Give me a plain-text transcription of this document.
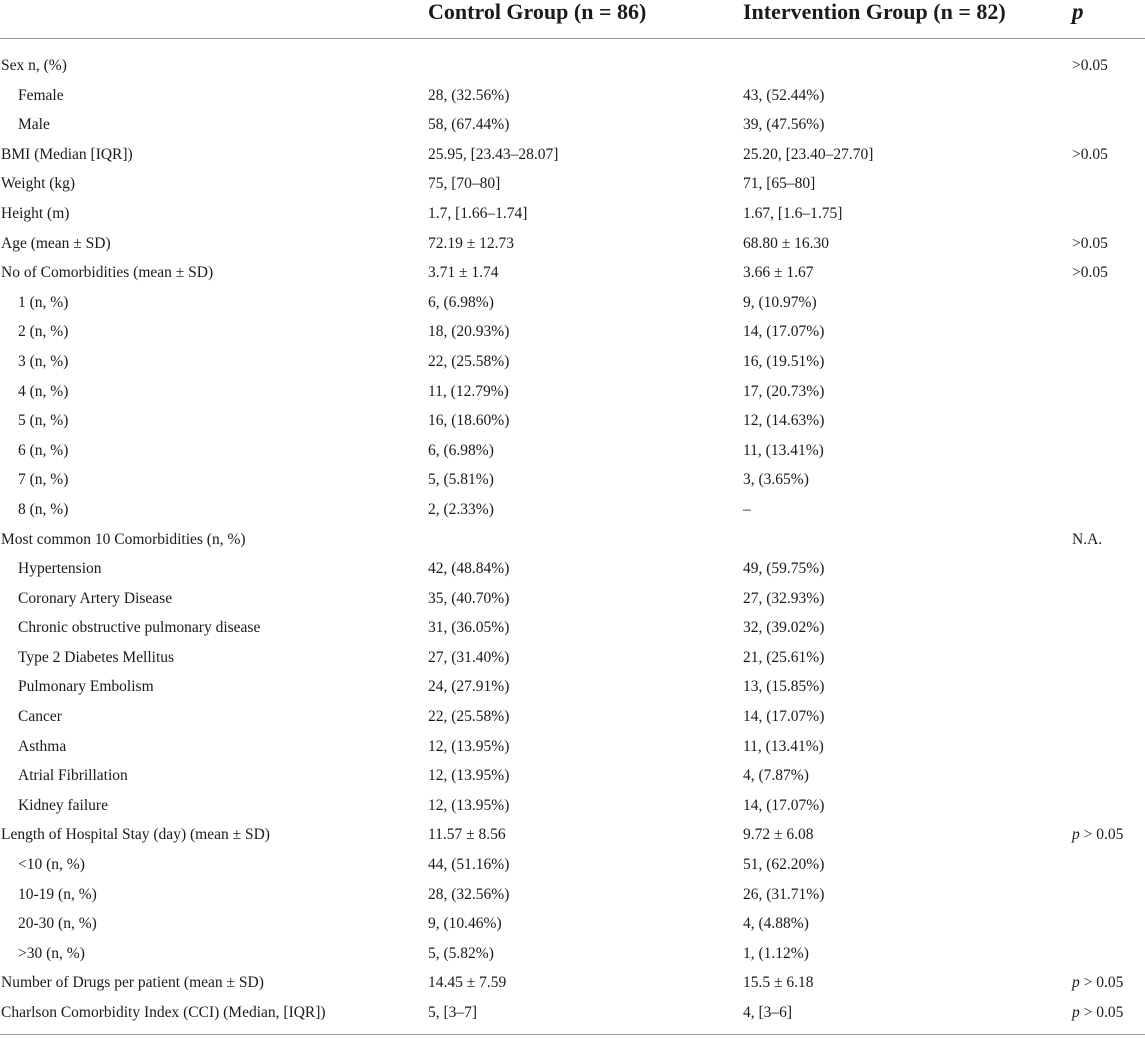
	Control Group (n = 86)	Intervention Group (n = 82)	p
Sex n, (%)			>0.05
Female	28, (32.56%)	43, (52.44%)	
Male	58, (67.44%)	39, (47.56%)	
BMI (Median [IQR])	25.95, [23.43–28.07]	25.20, [23.40–27.70]	>0.05
Weight (kg)	75, [70–80]	71, [65–80]	
Height (m)	1.7, [1.66–1.74]	1.67, [1.6–1.75]	
Age (mean ± SD)	72.19 ± 12.73	68.80 ± 16.30	>0.05
No of Comorbidities (mean ± SD)	3.71 ± 1.74	3.66 ± 1.67	>0.05
1 (n, %)	6, (6.98%)	9, (10.97%)	
2 (n, %)	18, (20.93%)	14, (17.07%)	
3 (n, %)	22, (25.58%)	16, (19.51%)	
4 (n, %)	11, (12.79%)	17, (20.73%)	
5 (n, %)	16, (18.60%)	12, (14.63%)	
6 (n, %)	6, (6.98%)	11, (13.41%)	
7 (n, %)	5, (5.81%)	3, (3.65%)	
8 (n, %)	2, (2.33%)	–	
Most common 10 Comorbidities (n, %)			N.A.
Hypertension	42, (48.84%)	49, (59.75%)	
Coronary Artery Disease	35, (40.70%)	27, (32.93%)	
Chronic obstructive pulmonary disease	31, (36.05%)	32, (39.02%)	
Type 2 Diabetes Mellitus	27, (31.40%)	21, (25.61%)	
Pulmonary Embolism	24, (27.91%)	13, (15.85%)	
Cancer	22, (25.58%)	14, (17.07%)	
Asthma	12, (13.95%)	11, (13.41%)	
Atrial Fibrillation	12, (13.95%)	4, (7.87%)	
Kidney failure	12, (13.95%)	14, (17.07%)	
Length of Hospital Stay (day) (mean ± SD)	11.57 ± 8.56	9.72 ± 6.08	p > 0.05
<10 (n, %)	44, (51.16%)	51, (62.20%)	
10-19 (n, %)	28, (32.56%)	26, (31.71%)	
20-30 (n, %)	9, (10.46%)	4, (4.88%)	
>30 (n, %)	5, (5.82%)	1, (1.12%)	
Number of Drugs per patient (mean ± SD)	14.45 ± 7.59	15.5 ± 6.18	p > 0.05
Charlson Comorbidity Index (CCI) (Median, [IQR])	5, [3–7]	4, [3–6]	p > 0.05
